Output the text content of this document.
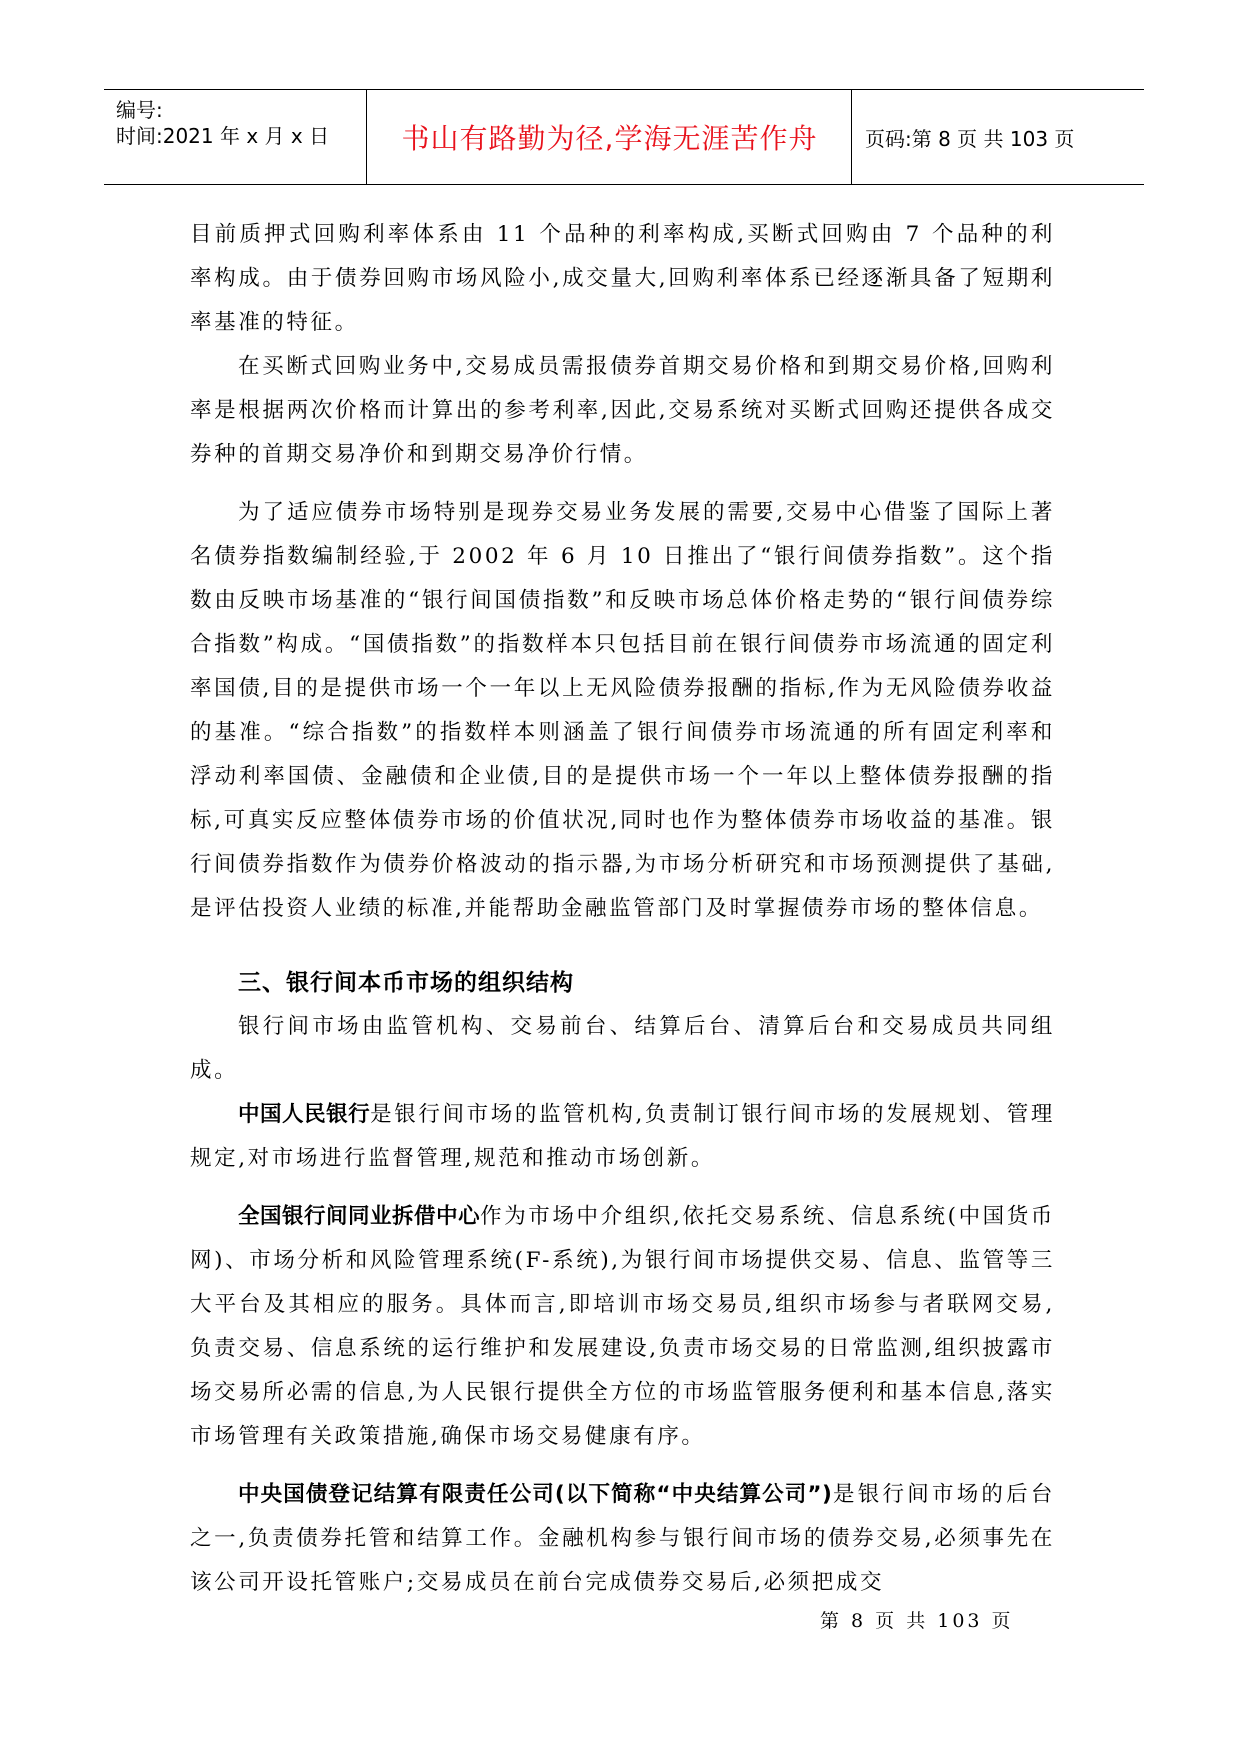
编号:
时间:2021 年 x 月 x 日	书山有路勤为径,学海无涯苦作舟	页码:第 8 页 共 103 页

目前质押式回购利率体系由 11 个品种的利率构成,买断式回购由 7 个品种的利率构成。由于债券回购市场风险小,成交量大,回购利率体系已经逐渐具备了短期利率基准的特征。

在买断式回购业务中,交易成员需报债券首期交易价格和到期交易价格,回购利率是根据两次价格而计算出的参考利率,因此,交易系统对买断式回购还提供各成交券种的首期交易净价和到期交易净价行情。

为了适应债券市场特别是现券交易业务发展的需要,交易中心借鉴了国际上著名债券指数编制经验,于 2002 年 6 月 10 日推出了“银行间债券指数”。这个指数由反映市场基准的“银行间国债指数”和反映市场总体价格走势的“银行间债券综合指数”构成。“国债指数”的指数样本只包括目前在银行间债券市场流通的固定利率国债,目的是提供市场一个一年以上无风险债券报酬的指标,作为无风险债券收益的基准。“综合指数”的指数样本则涵盖了银行间债券市场流通的所有固定利率和浮动利率国债、金融债和企业债,目的是提供市场一个一年以上整体债券报酬的指标,可真实反应整体债券市场的价值状况,同时也作为整体债券市场收益的基准。银行间债券指数作为债券价格波动的指示器,为市场分析研究和市场预测提供了基础,是评估投资人业绩的标准,并能帮助金融监管部门及时掌握债券市场的整体信息。

三、银行间本币市场的组织结构

银行间市场由监管机构、交易前台、结算后台、清算后台和交易成员共同组成。

中国人民银行是银行间市场的监管机构,负责制订银行间市场的发展规划、管理规定,对市场进行监督管理,规范和推动市场创新。

全国银行间同业拆借中心作为市场中介组织,依托交易系统、信息系统(中国货币网)、市场分析和风险管理系统(F-系统),为银行间市场提供交易、信息、监管等三大平台及其相应的服务。具体而言,即培训市场交易员,组织市场参与者联网交易,负责交易、信息系统的运行维护和发展建设,负责市场交易的日常监测,组织披露市场交易所必需的信息,为人民银行提供全方位的市场监管服务便利和基本信息,落实市场管理有关政策措施,确保市场交易健康有序。

中央国债登记结算有限责任公司(以下简称“中央结算公司”)是银行间市场的后台之一,负责债券托管和结算工作。金融机构参与银行间市场的债券交易,必须事先在该公司开设托管账户;交易成员在前台完成债券交易后,必须把成交

第 8 页 共 103 页
